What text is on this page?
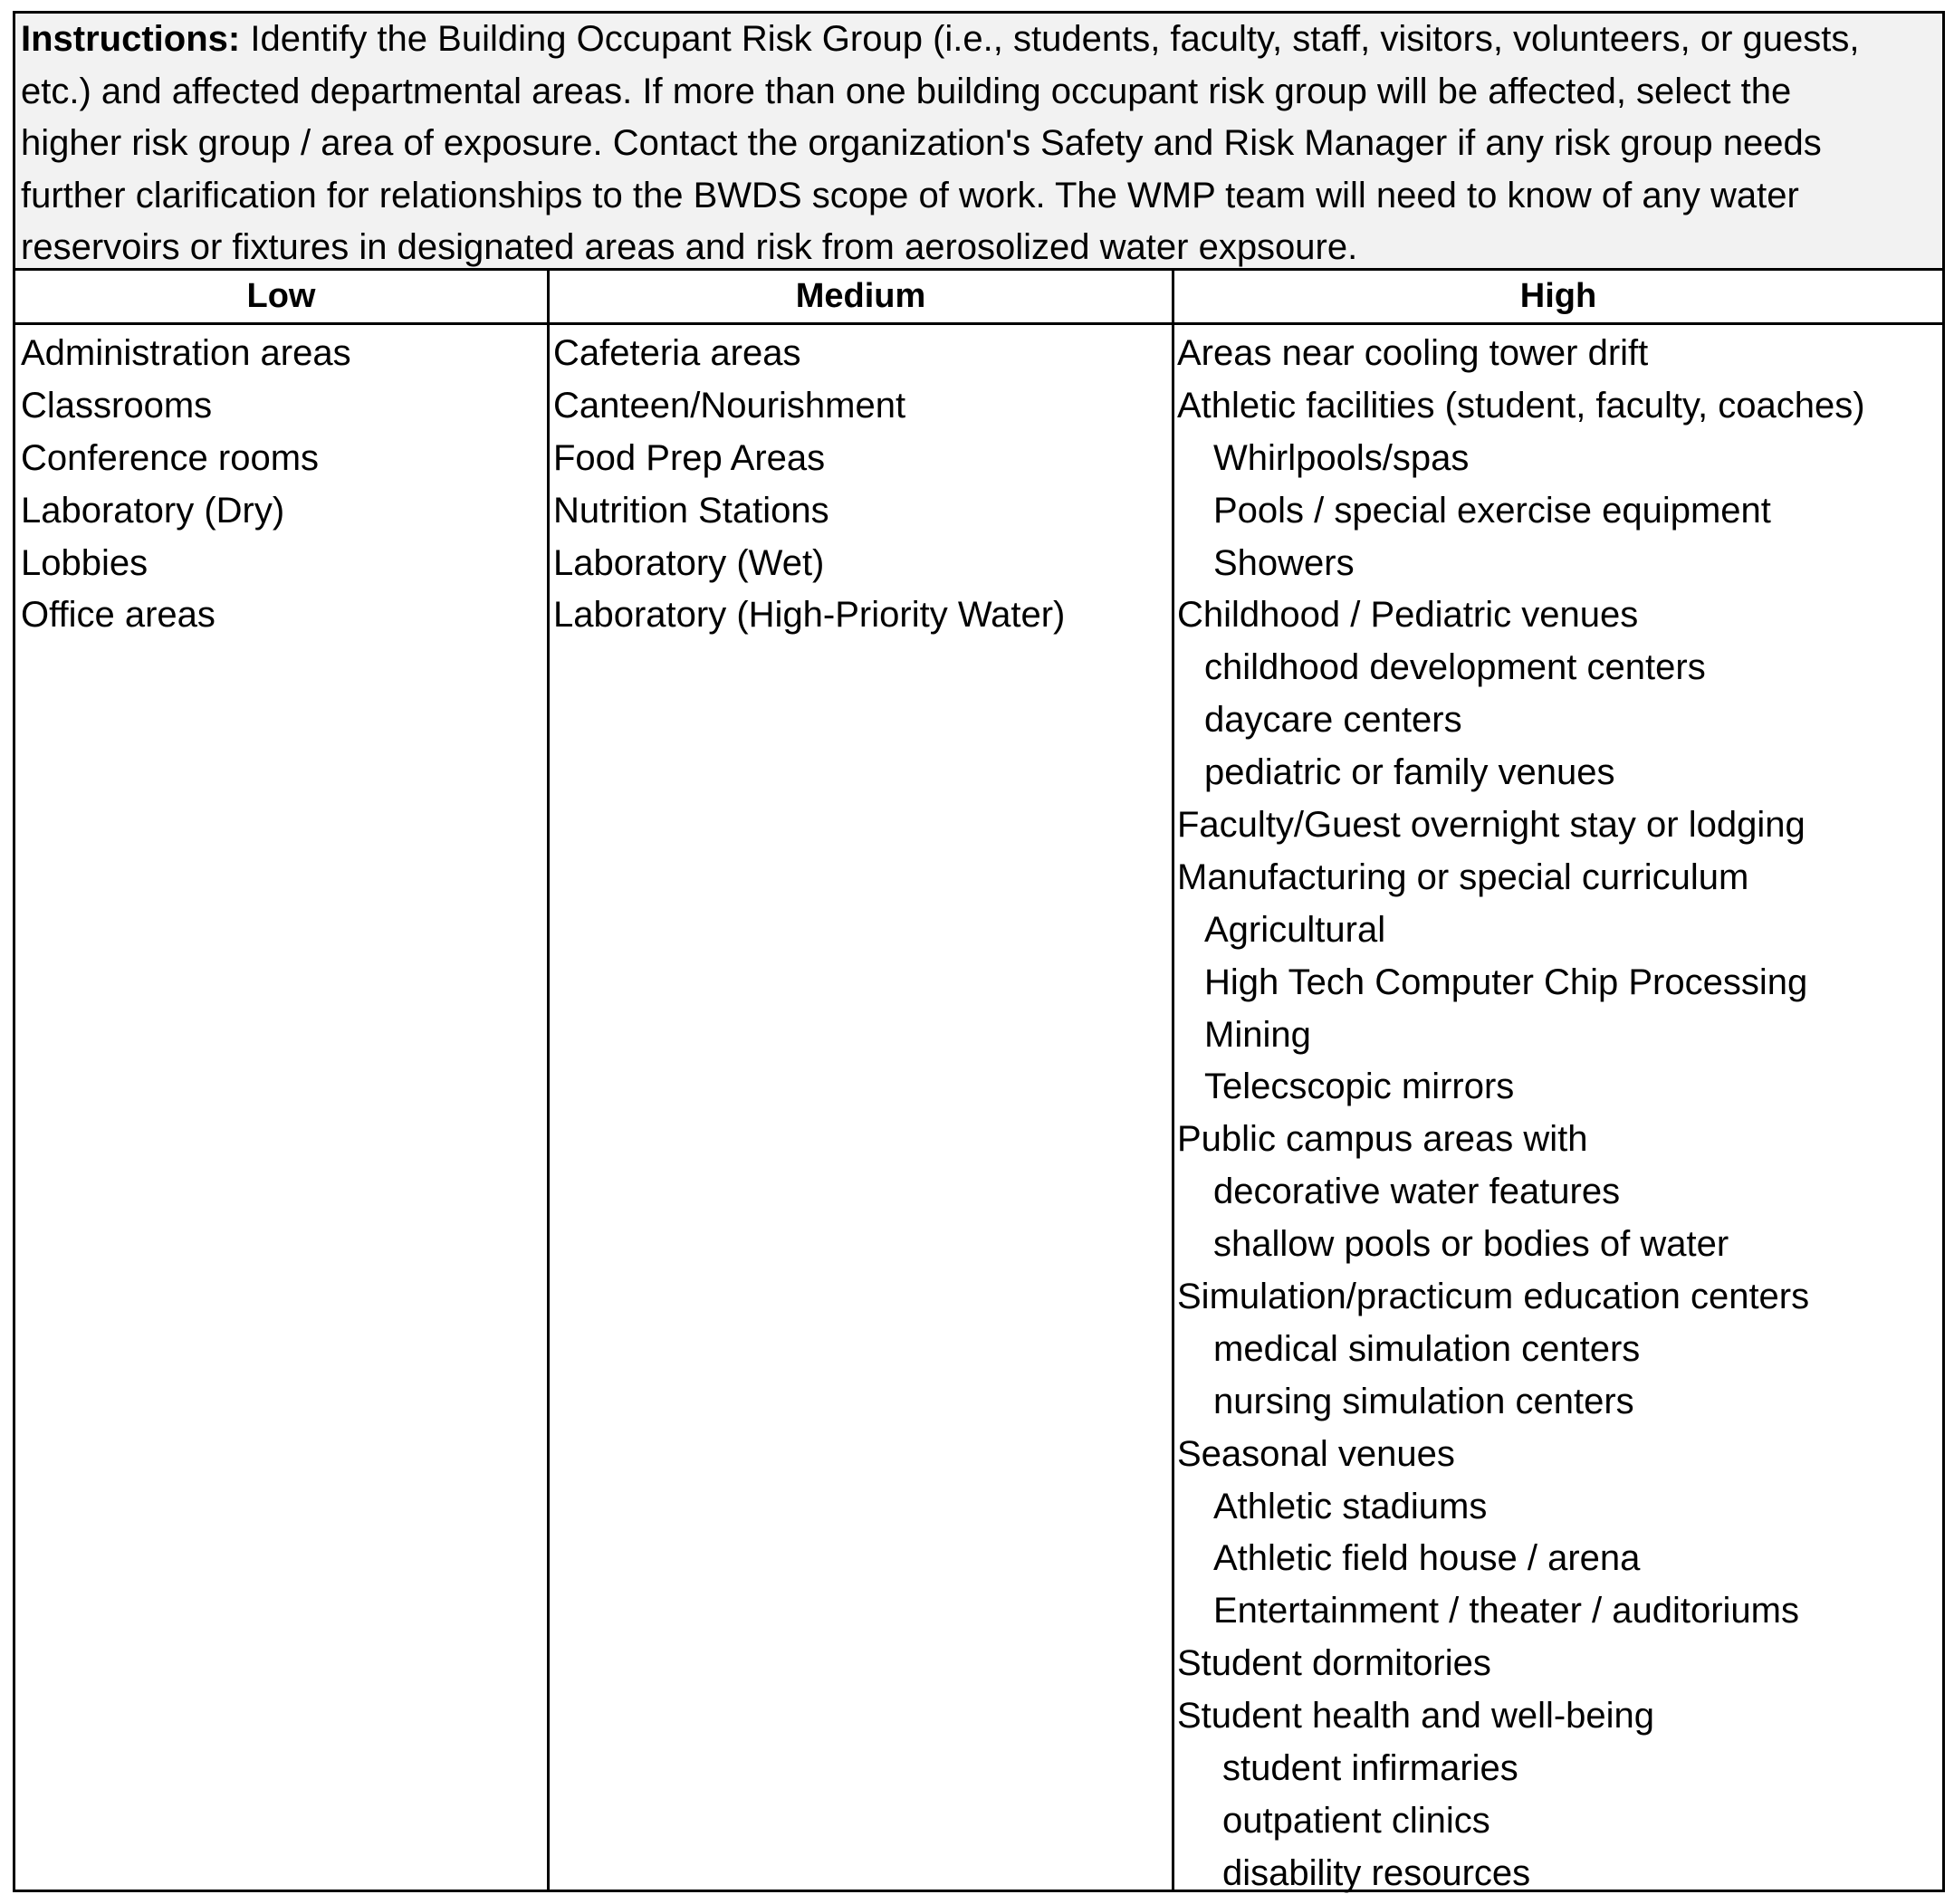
Instructions: Identify the Building Occupant Risk Group (i.e., students, faculty, staff, visitors, volunteers, or guests,
etc.) and affected departmental areas. If more than one building occupant risk group will be affected, select the
higher risk group / area of exposure. Contact the organization's Safety and Risk Manager if any risk group needs
further clarification for relationships to the BWDS scope of work. The WMP team will need to know of any water
reservoirs or fixtures in designated areas and risk from aerosolized water expsoure.
Low	Medium	High
Administration areas
Classrooms
Conference rooms
Laboratory (Dry)
Lobbies
Office areas
Cafeteria areas
Canteen/Nourishment
Food Prep Areas
Nutrition Stations
Laboratory (Wet)
Laboratory (High-Priority Water)
Areas near cooling tower drift
Athletic facilities (student, faculty, coaches)
Whirlpools/spas
Pools / special exercise equipment
Showers
Childhood / Pediatric venues
childhood development centers
daycare centers
pediatric or family venues
Faculty/Guest overnight stay or lodging
Manufacturing or special curriculum
Agricultural
High Tech Computer Chip Processing
Mining
Telecscopic mirrors
Public campus areas with
decorative water features
shallow pools or bodies of water
Simulation/practicum education centers
medical simulation centers
nursing simulation centers
Seasonal venues
Athletic stadiums
Athletic field house / arena
Entertainment / theater / auditoriums
Student dormitories
Student health and well-being
student infirmaries
outpatient clinics
disability resources
